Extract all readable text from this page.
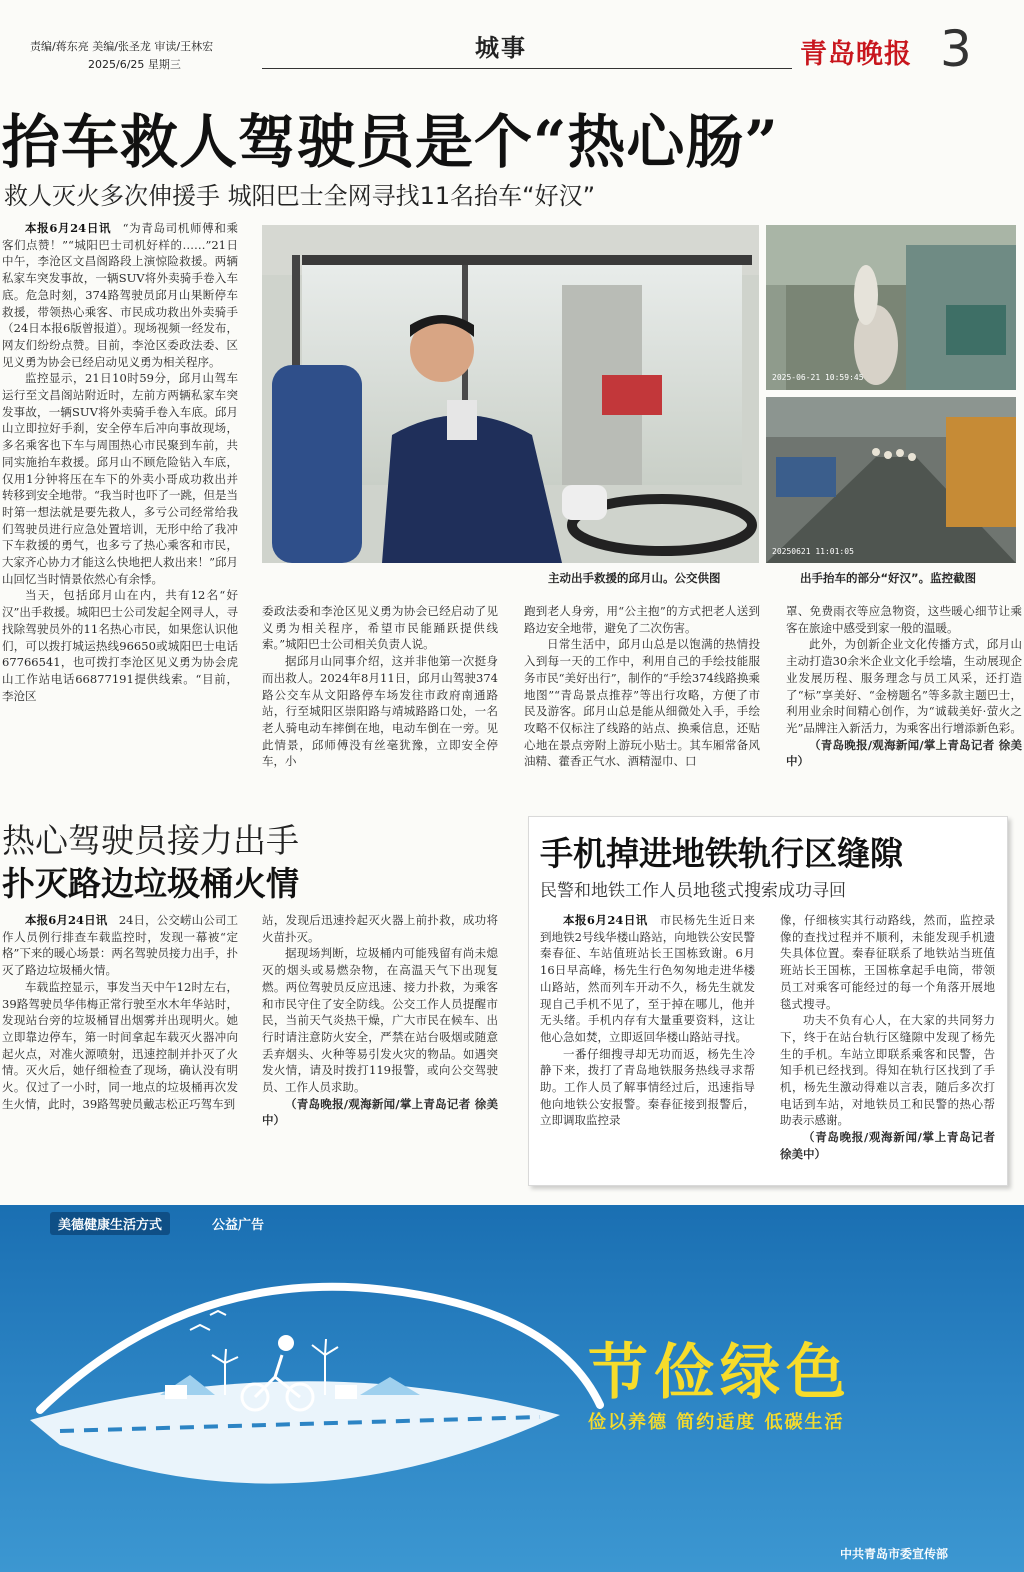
责编/蒋东亮 美编/张圣龙 审读/王林宏
2025/6/25 星期三
城事	青岛晚报 3
抬车救人驾驶员是个“热心肠”
救人灭火多次伸援手 城阳巴士全网寻找11名抬车“好汉”

本报6月24日讯  “为青岛司机师傅和乘客们点赞！”“城阳巴士司机好样的……”21日中午，李沧区文昌阁路段上演惊险救援。两辆私家车突发事故，一辆SUV将外卖骑手卷入车底。危急时刻，374路驾驶员邱月山果断停车救援，带领热心乘客、市民成功救出外卖骑手（24日本报6版曾报道）。现场视频一经发布，网友们纷纷点赞。目前，李沧区委政法委、区见义勇为协会已经启动见义勇为相关程序。

监控显示，21日10时59分，邱月山驾车运行至文昌阁站附近时，左前方两辆私家车突发事故，一辆SUV将外卖骑手卷入车底。邱月山立即拉好手刹，安全停车后冲向事故现场，多名乘客也下车与周围热心市民聚到车前，共同实施抬车救援。邱月山不顾危险钻入车底，仅用1分钟将压在车下的外卖小哥成功救出并转移到安全地带。“我当时也吓了一跳，但是当时第一想法就是要先救人，多亏公司经常给我们驾驶员进行应急处置培训，无形中给了我冲下车救援的勇气，也多亏了热心乘客和市民，大家齐心协力才能这么快地把人救出来！”邱月山回忆当时情景依然心有余悸。

当天，包括邱月山在内，共有12名“好汉”出手救援。城阳巴士公司发起全网寻人，寻找除驾驶员外的11名热心市民，如果您认识他们，可以拨打城运热线96650或城阳巴士电话67766541，也可拨打李沧区见义勇为协会虎山工作站电话66877191提供线索。“目前，李沧区

主动出手救援的邱月山。公交供图
2025-06-21 10:59:45
20250621 11:01:05
出手抬车的部分“好汉”。监控截图

委政法委和李沧区见义勇为协会已经启动了见义勇为相关程序，希望市民能踊跃提供线索。”城阳巴士公司相关负责人说。

据邱月山同事介绍，这并非他第一次挺身而出救人。2024年8月11日，邱月山驾驶374路公交车从文阳路停车场发往市政府南通路站，行至城阳区崇阳路与靖城路路口处，一名老人骑电动车摔倒在地，电动车倒在一旁。见此情景，邱师傅没有丝毫犹豫，立即安全停车，小

跑到老人身旁，用“公主抱”的方式把老人送到路边安全地带，避免了二次伤害。

日常生活中，邱月山总是以饱满的热情投入到每一天的工作中，利用自己的手绘技能服务市民“美好出行”，制作的“手绘374线路换乘地图”“青岛景点推荐”等出行攻略，方便了市民及游客。邱月山总是能从细微处入手，手绘攻略不仅标注了线路的站点、换乘信息，还贴心地在景点旁附上游玩小贴士。其车厢常备风油精、藿香正气水、酒精湿巾、口

罩、免费雨衣等应急物资，这些暖心细节让乘客在旅途中感受到家一般的温暖。

此外，为创新企业文化传播方式，邱月山主动打造30余米企业文化手绘墙，生动展现企业发展历程、服务理念与员工风采，还打造了“标”享美好、“金榜题名”等多款主题巴士，利用业余时间精心创作，为“诚载美好·萤火之光”品牌注入新活力，为乘客出行增添新色彩。

（青岛晚报/观海新闻/掌上青岛记者 徐美中）

热心驾驶员接力出手
扑灭路边垃圾桶火情

本报6月24日讯  24日，公交崂山公司工作人员例行排查车载监控时，发现一幕被“定格”下来的暖心场景：两名驾驶员接力出手，扑灭了路边垃圾桶火情。

车载监控显示，事发当天中午12时左右，39路驾驶员华伟梅正常行驶至水木年华站时，发现站台旁的垃圾桶冒出烟雾并出现明火。她立即靠边停车，第一时间拿起车载灭火器冲向起火点，对准火源喷射，迅速控制并扑灭了火情。灭火后，她仔细检查了现场，确认没有明火。仅过了一小时，同一地点的垃圾桶再次发生火情，此时，39路驾驶员戴志松正巧驾车到

站，发现后迅速拎起灭火器上前扑救，成功将火苗扑灭。

据现场判断，垃圾桶内可能残留有尚未熄灭的烟头或易燃杂物，在高温天气下出现复燃。两位驾驶员反应迅速、接力扑救，为乘客和市民守住了安全防线。公交工作人员提醒市民，当前天气炎热干燥，广大市民在候车、出行时请注意防火安全，严禁在站台吸烟或随意丢弃烟头、火种等易引发火灾的物品。如遇突发火情，请及时拨打119报警，或向公交驾驶员、工作人员求助。

（青岛晚报/观海新闻/掌上青岛记者 徐美中）

手机掉进地铁轨行区缝隙
民警和地铁工作人员地毯式搜索成功寻回

本报6月24日讯  市民杨先生近日来到地铁2号线华楼山路站，向地铁公安民警秦春征、车站值班站长王国栋致谢。6月16日早高峰，杨先生行色匆匆地走进华楼山路站，然而列车开动不久，杨先生就发现自己手机不见了，至于掉在哪儿，他并无头绪。手机内存有大量重要资料，这让他心急如焚，立即返回华楼山路站寻找。

一番仔细搜寻却无功而返，杨先生冷静下来，拨打了青岛地铁服务热线寻求帮助。工作人员了解事情经过后，迅速指导他向地铁公安报警。秦春征接到报警后，立即调取监控录

像，仔细核实其行动路线，然而，监控录像的查找过程并不顺利，未能发现手机遗失具体位置。秦春征联系了地铁站当班值班站长王国栋，王国栋拿起手电筒，带领员工对乘客可能经过的每一个角落开展地毯式搜寻。

功夫不负有心人，在大家的共同努力下，终于在站台轨行区缝隙中发现了杨先生的手机。车站立即联系乘客和民警，告知手机已经找到。得知在轨行区找到了手机，杨先生激动得难以言表，随后多次打电话到车站，对地铁员工和民警的热心帮助表示感谢。

（青岛晚报/观海新闻/掌上青岛记者 徐美中）

美德健康生活方式	公益广告
节俭绿色
俭以养德 简约适度 低碳生活
中共青岛市委宣传部
